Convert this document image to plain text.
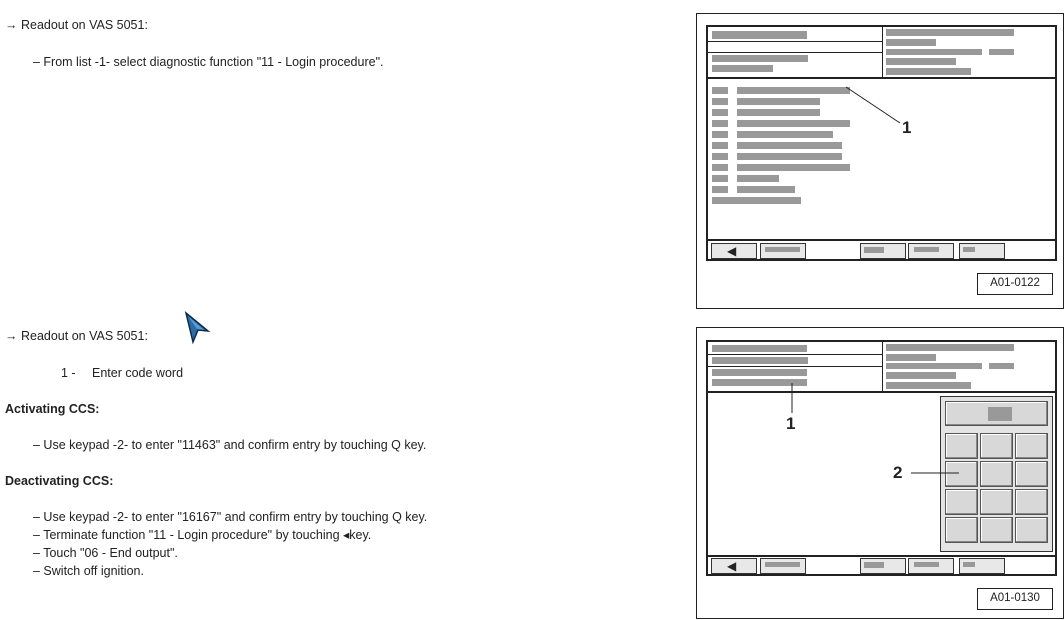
→ Readout on VAS 5051:
– From list -1- select diagnostic function "11 - Login procedure".
→ Readout on VAS 5051:
1 - Enter code word
Activating CCS:
– Use keypad -2- to enter "11463" and confirm entry by touching Q key.
Deactivating CCS:
– Use keypad -2- to enter "16167" and confirm entry by touching Q key.
– Terminate function "11 - Login procedure" by touching ◂key.
– Touch "06 - End output".
– Switch off ignition.
◀
1
A01-0122
◀
1
2
A01-0130
